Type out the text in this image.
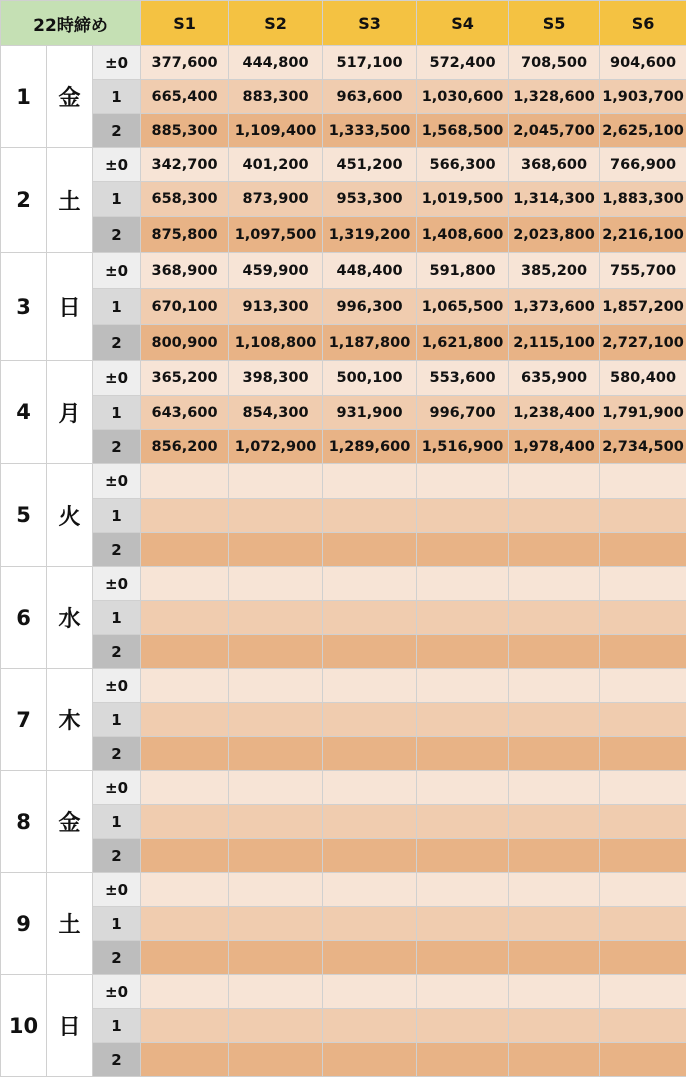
22時締め			S1	S2	S3	S4	S5	S6
1	金	±0	377,600	444,800	517,100	572,400	708,500	904,600
		1	665,400	883,300	963,600	1,030,600	1,328,600	1,903,700
		2	885,300	1,109,400	1,333,500	1,568,500	2,045,700	2,625,100
2	土	±0	342,700	401,200	451,200	566,300	368,600	766,900
		1	658,300	873,900	953,300	1,019,500	1,314,300	1,883,300
		2	875,800	1,097,500	1,319,200	1,408,600	2,023,800	2,216,100
3	日	±0	368,900	459,900	448,400	591,800	385,200	755,700
		1	670,100	913,300	996,300	1,065,500	1,373,600	1,857,200
		2	800,900	1,108,800	1,187,800	1,621,800	2,115,100	2,727,100
4	月	±0	365,200	398,300	500,100	553,600	635,900	580,400
		1	643,600	854,300	931,900	996,700	1,238,400	1,791,900
		2	856,200	1,072,900	1,289,600	1,516,900	1,978,400	2,734,500
5	火	±0						
		1						
		2						
6	水	±0						
		1						
		2						
7	木	±0						
		1						
		2						
8	金	±0						
		1						
		2						
9	土	±0						
		1						
		2						
10	日	±0						
		1						
		2						
